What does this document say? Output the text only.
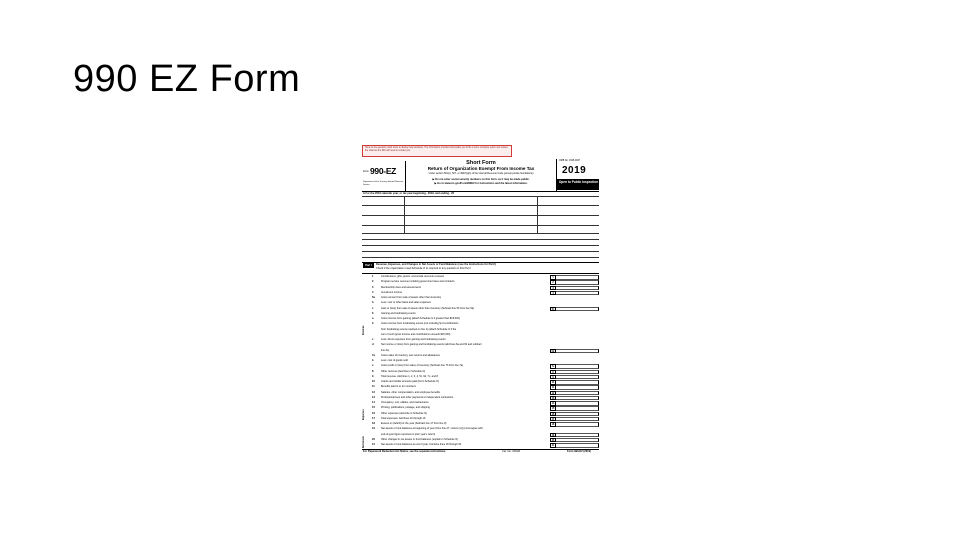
990 EZ Form
Click on the question-mark icons to display help windows. The information provided will enable you to file a more complete return and reduce the chances the IRS will need to contact you.
Form 990-EZ
Department of the Treasury Internal Revenue Service
Short Form
Return of Organization Exempt From Income Tax
Under section 501(c), 527, or 4947(a)(1) of the Internal Revenue Code (except private foundations)
▶ Do not enter social security numbers on this form, as it may be made public.
▶ Go to www.irs.gov/Form990EZ for instructions and the latest information.
OMB No. 1545-0047
2019
Open to Public Inspection
A For the 2019 calendar year, or tax year beginning , 2019, and ending , 20
Part I	Revenue, Expenses, and Changes in Net Assets or Fund Balances (see the instructions for Part I)
Check if the organization used Schedule O to respond to any question in this Part I
1	Contributions, gifts, grants, and similar amounts received	1
2	Program service revenue including government fees and contracts	2
3	Membership dues and assessments	3
4	Investment income	4
5a Gross amount from sale of assets other than inventory
b	Less: cost or other basis and sales expenses
c	Gain or (loss) from sale of assets other than inventory (Subtract line 5b from line 5a)	5c
6	Gaming and fundraising events
a	Gross income from gaming (attach Schedule G if greater than $15,000)
b	Gross income from fundraising events (not including $ of contributions
from fundraising events reported on line 1) (attach Schedule G if the
sum of such gross income and contributions exceeds $15,000)
c	Less: direct expenses from gaming and fundraising events
d	Net income or (loss) from gaming and fundraising events (add lines 6a and 6b and subtract
line 6c)	6d
7a Gross sales of inventory, less returns and allowances
b	Less: cost of goods sold
c	Gross profit or (loss) from sales of inventory (Subtract line 7b from line 7a)	7c
8	Other revenue (describe in Schedule O)	8
9	Total revenue. Add lines 1, 2, 3, 4, 5c, 6d, 7c, and 8	9
10 Grants and similar amounts paid (list in Schedule O)	10
11	Benefits paid to or for members	11
12 Salaries, other compensation, and employee benefits	12
13 Professional fees and other payments to independent contractors	13
14 Occupancy, rent, utilities, and maintenance	14
15 Printing, publications, postage, and shipping	15
16 Other expenses (describe in Schedule O)	16
17 Total expenses. Add lines 10 through 16	17
18 Excess or (deficit) for the year (Subtract line 17 from line 9)	18
19 Net assets or fund balances at beginning of year (from line 27, column (A)) (must agree with
end-of-year figure reported on prior year's return)	19
20 Other changes in net assets or fund balances (explain in Schedule O)	20
21 Net assets or fund balances at end of year. Combine lines 18 through 20	21
Revenue
Expenses
Net Assets
For Paperwork Reduction Act Notice, see the separate instructions.	Cat. No. 10642I	Form 990-EZ (2019)
